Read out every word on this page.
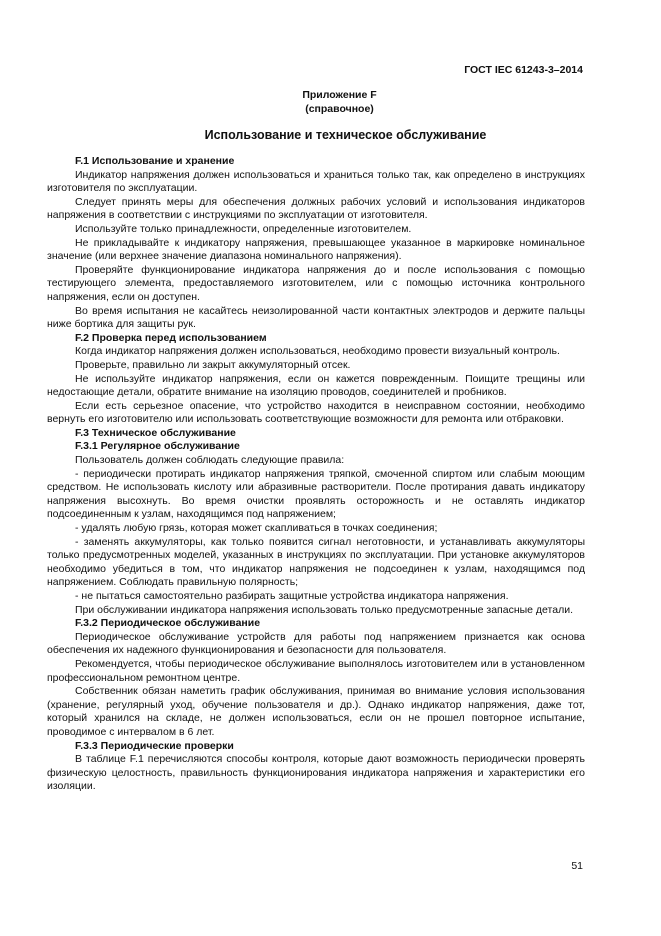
ГОСТ IEC 61243-3–2014
Приложение F
(справочное)
Использование и техническое обслуживание

F.1 Использование и хранение

Индикатор напряжения должен использоваться и храниться только так, как определено в инструкциях изготовителя по эксплуатации.

Следует принять меры для обеспечения должных рабочих условий и использования индикаторов напряжения в соответствии с инструкциями по эксплуатации от изготовителя.

Используйте только принадлежности, определенные изготовителем.

Не прикладывайте к индикатору напряжения, превышающее указанное в маркировке номинальное значение (или верхнее значение диапазона номинального напряжения).

Проверяйте функционирование индикатора напряжения до и после использования с помощью тестирующего элемента, предоставляемого изготовителем, или с помощью источника контрольного напряжения, если он доступен.

Во время испытания не касайтесь неизолированной части контактных электродов и держите пальцы ниже бортика для защиты рук.

F.2 Проверка перед использованием

Когда индикатор напряжения должен использоваться, необходимо провести визуальный контроль.

Проверьте, правильно ли закрыт аккумуляторный отсек.

Не используйте индикатор напряжения, если он кажется поврежденным. Поищите трещины или недостающие детали, обратите внимание на изоляцию проводов, соединителей и пробников.

Если есть серьезное опасение, что устройство находится в неисправном состоянии, необходимо вернуть его изготовителю или использовать соответствующие возможности для ремонта или отбраковки.

F.3 Техническое обслуживание

F.3.1 Регулярное обслуживание

Пользователь должен соблюдать следующие правила:

- периодически протирать индикатор напряжения тряпкой, смоченной спиртом или слабым моющим средством. Не использовать кислоту или абразивные растворители. После протирания давать индикатору напряжения высохнуть. Во время очистки проявлять осторожность и не оставлять индикатор подсоединенным к узлам, находящимся под напряжением;

- удалять любую грязь, которая может скапливаться в точках соединения;

- заменять аккумуляторы, как только появится сигнал неготовности, и устанавливать аккумуляторы только предусмотренных моделей, указанных в инструкциях по эксплуатации. При установке аккумуляторов необходимо убедиться в том, что индикатор напряжения не подсоединен к узлам, находящимся под напряжением. Соблюдать правильную полярность;

- не пытаться самостоятельно разбирать защитные устройства индикатора напряжения.

При обслуживании индикатора напряжения использовать только предусмотренные запасные детали.

F.3.2 Периодическое обслуживание

Периодическое обслуживание устройств для работы под напряжением признается как основа обеспечения их надежного функционирования и безопасности для пользователя.

Рекомендуется, чтобы периодическое обслуживание выполнялось изготовителем или в установленном профессиональном ремонтном центре.

Собственник обязан наметить график обслуживания, принимая во внимание условия использования (хранение, регулярный уход, обучение пользователя и др.). Однако индикатор напряжения, даже тот, который хранился на складе, не должен использоваться, если он не прошел повторное испытание, проводимое с интервалом в 6 лет.

F.3.3 Периодические проверки

В таблице F.1 перечисляются способы контроля, которые дают возможность периодически проверять физическую целостность, правильность функционирования индикатора напряжения и характеристики его изоляции.

51
